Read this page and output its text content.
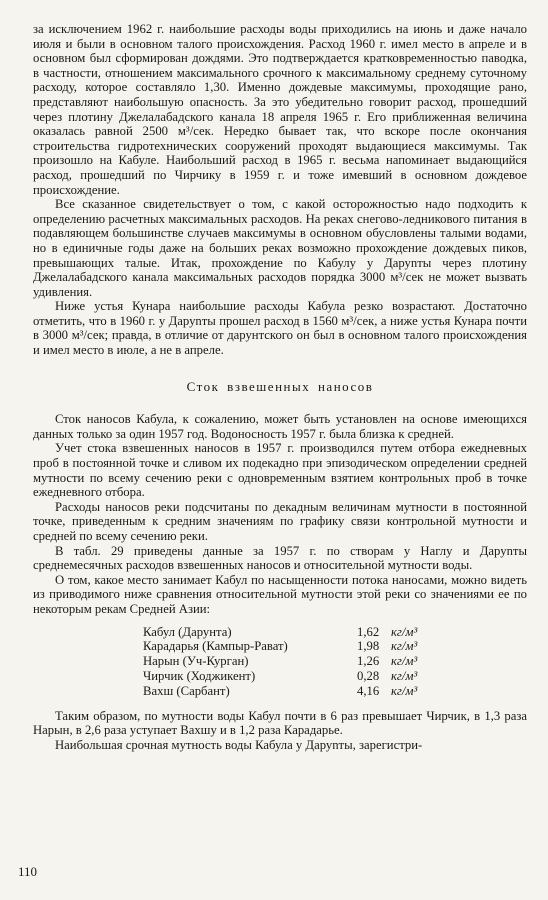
за исключением 1962 г. наибольшие расходы воды приходились на июнь и даже начало июля и были в основном талого происхождения. Расход 1960 г. имел место в апреле и в основном был сформирован дождями. Это подтверждается кратковременностью паводка, в частности, отношением максимального срочного к максимальному среднему суточному расходу, которое составляло 1,30. Именно дождевые максимумы, проходящие рано, представляют наибольшую опасность. За это убедительно говорит расход, прошедший через плотину Джелалабадского канала 18 апреля 1965 г. Его приближенная величина оказалась равной 2500 м³/сек. Нередко бывает так, что вскоре после окончания строительства гидротехнических сооружений проходят выдающиеся максимумы. Так произошло на Кабуле. Наибольший расход в 1965 г. весьма напоминает выдающийся расход, прошедший по Чирчику в 1959 г. и тоже имевший в основном дождевое происхождение.

Все сказанное свидетельствует о том, с какой осторожностью надо подходить к определению расчетных максимальных расходов. На реках снегово-ледникового питания в подавляющем большинстве случаев максимумы в основном обусловлены талыми водами, но в единичные годы даже на больших реках возможно прохождение дождевых пиков, превышающих талые. Итак, прохождение по Кабулу у Даруnты через плотину Джелалабадского канала максимальных расходов порядка 3000 м³/сек не может вызвать удивления.

Ниже устья Кунара наибольшие расходы Кабула резко возрастают. Достаточно отметить, что в 1960 г. у Даруnты прошел расход в 1560 м³/сек, а ниже устья Кунара почти в 3000 м³/сек; правда, в отличие от дарунтского он был в основном талого происхождения и имел место в июле, а не в апреле.

Сток взвешенных наносов

Сток наносов Кабула, к сожалению, может быть установлен на основе имеющихся данных только за один 1957 год. Водоносность 1957 г. была близка к средней.

Учет стока взвешенных наносов в 1957 г. производился путем отбора ежедневных проб в постоянной точке и сливом их подекадно при эпизодическом определении средней мутности по всему сечению реки с одновременным взятием контрольных проб в точке ежедневного отбора.

Расходы наносов реки подсчитаны по декадным величинам мутности в постоянной точке, приведенным к средним значениям по графику связи контрольной мутности и средней по всему сечению реки.

В табл. 29 приведены данные за 1957 г. по створам у Наглу и Даруnты среднемесячных расходов взвешенных наносов и относительной мутности воды.

О том, какое место занимает Кабул по насыщенности потока наносами, можно видеть из приводимого ниже сравнения относительной мутности этой реки со значениями ее по некоторым рекам Средней Азии:

Кабул (Дарунта)	1,62	кг/м³
Карадарья (Кампыр-Рават)	1,98	кг/м³
Нарын (Уч-Курган)	1,26	кг/м³
Чирчик (Ходжикент)	0,28	кг/м³
Вахш (Сарбант)	4,16	кг/м³

Таким образом, по мутности воды Кабул почти в 6 раз превышает Чирчик, в 1,3 раза Нарын, в 2,6 раза уступает Вахшу и в 1,2 раза Карадарье.

Наибольшая срочная мутность воды Кабула у Даруnты, зарегистри-

110
